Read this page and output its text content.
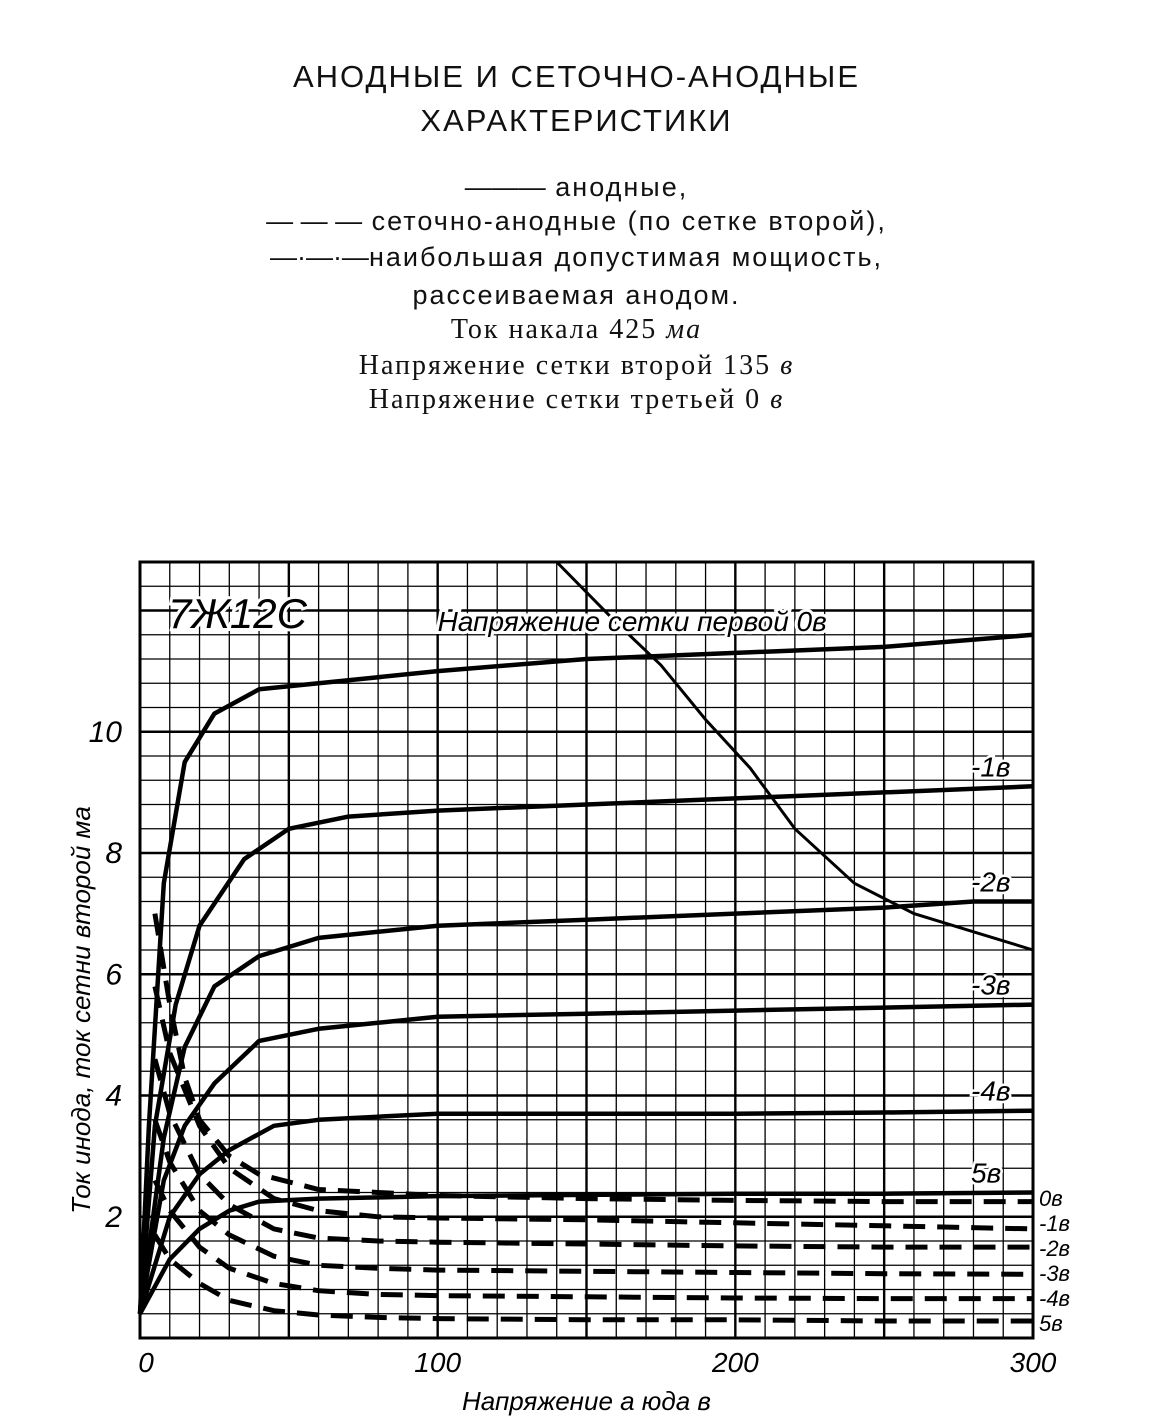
АНОДНЫЕ И СЕТОЧНО-АНОДНЫЕ
ХАРАКТЕРИСТИКИ
——— анодные,
— — — сеточно-анодные (по сетке второй),
—·—·—наибольшая допустимая мощиость,
рассеиваемая анодом.
Ток накала 425 ма
Напряжение сетки второй 135 в
Напряжение сетки третьей 0 в
7Ж12С	Напряжение сетки первой 0в
Напряжение а юда в
Ток инода, ток сетни второй ма
0	100	200	300
2
4
6
8
10
-1в
-2в
-3в
-4в
5в
0в
-1в
-2в
-3в
-4в
5в
